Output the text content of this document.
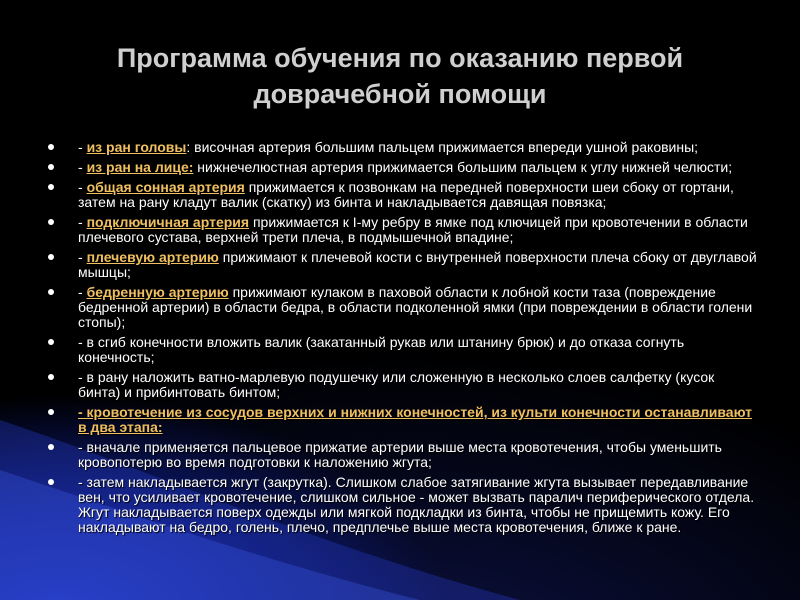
Программа обучения по оказанию первой доврачебной помощи
- из ран головы: височная артерия большим пальцем прижимается впереди ушной раковины;
- из ран на лице: нижнечелюстная артерия прижимается большим пальцем к углу нижней челюсти;
- общая сонная артерия прижимается к позвонкам на передней поверхности шеи сбоку от гортани, затем на рану кладут валик (скатку) из бинта и накладывается давящая повязка;
- подключичная артерия прижимается к I-му ребру в ямке под ключицей при кровотечении в области плечевого сустава, верхней трети плеча, в подмышечной впадине;
- плечевую артерию прижимают к плечевой кости с внутренней поверхности плеча сбоку от двуглавой мышцы;
- бедренную артерию прижимают кулаком в паховой области к лобной кости таза (повреждение бедренной артерии) в области бедра, в области подколенной ямки (при повреждении в области голени стопы);
- в сгиб конечности вложить валик (закатанный рукав или штанину брюк) и до отказа согнуть конечность;
- в рану наложить ватно-марлевую подушечку или сложенную в несколько слоев салфетку (кусок бинта) и прибинтовать бинтом;
- кровотечение из сосудов верхних и нижних конечностей, из культи конечности останавливают в два этапа:
- вначале применяется пальцевое прижатие артерии выше места кровотечения, чтобы уменьшить кровопотерю во время подготовки к наложению жгута;
- затем накладывается жгут (закрутка). Слишком слабое затягивание жгута вызывает передавливание вен, что усиливает кровотечение, слишком сильное - может вызвать паралич периферического отдела. Жгут накладывается поверх одежды или мягкой подкладки из бинта, чтобы не прищемить кожу. Его накладывают на бедро, голень, плечо, предплечье выше места кровотечения, ближе к ране.
